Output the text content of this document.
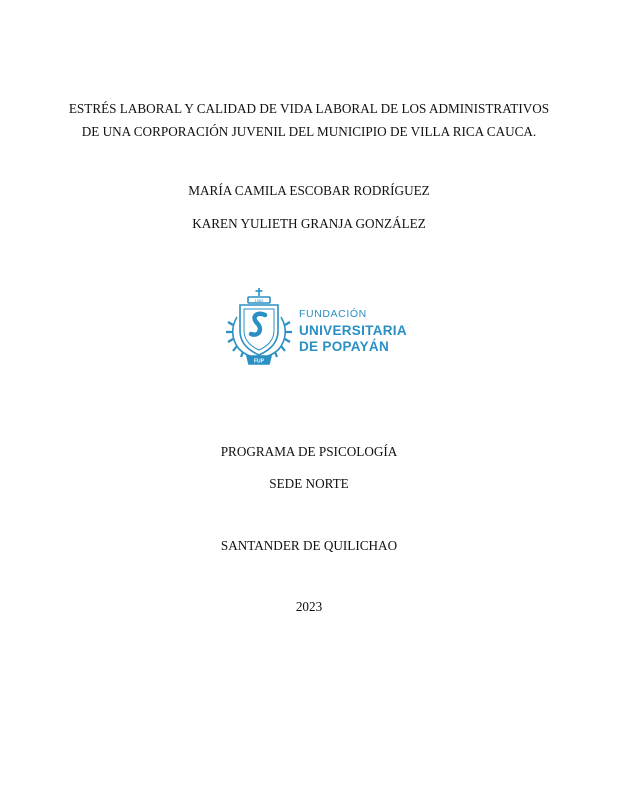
ESTRÉS LABORAL Y CALIDAD DE VIDA LABORAL DE LOS ADMINISTRATIVOS
DE UNA CORPORACIÓN JUVENIL DEL MUNICIPIO DE VILLA RICA CAUCA.
MARÍA CAMILA ESCOBAR RODRÍGUEZ
KAREN YULIETH GRANJA GONZÁLEZ
1982
FUP
FUNDACIÓN
UNIVERSITARIA
DE POPAYÁN
PROGRAMA DE PSICOLOGÍA
SEDE NORTE
SANTANDER DE QUILICHAO
2023
